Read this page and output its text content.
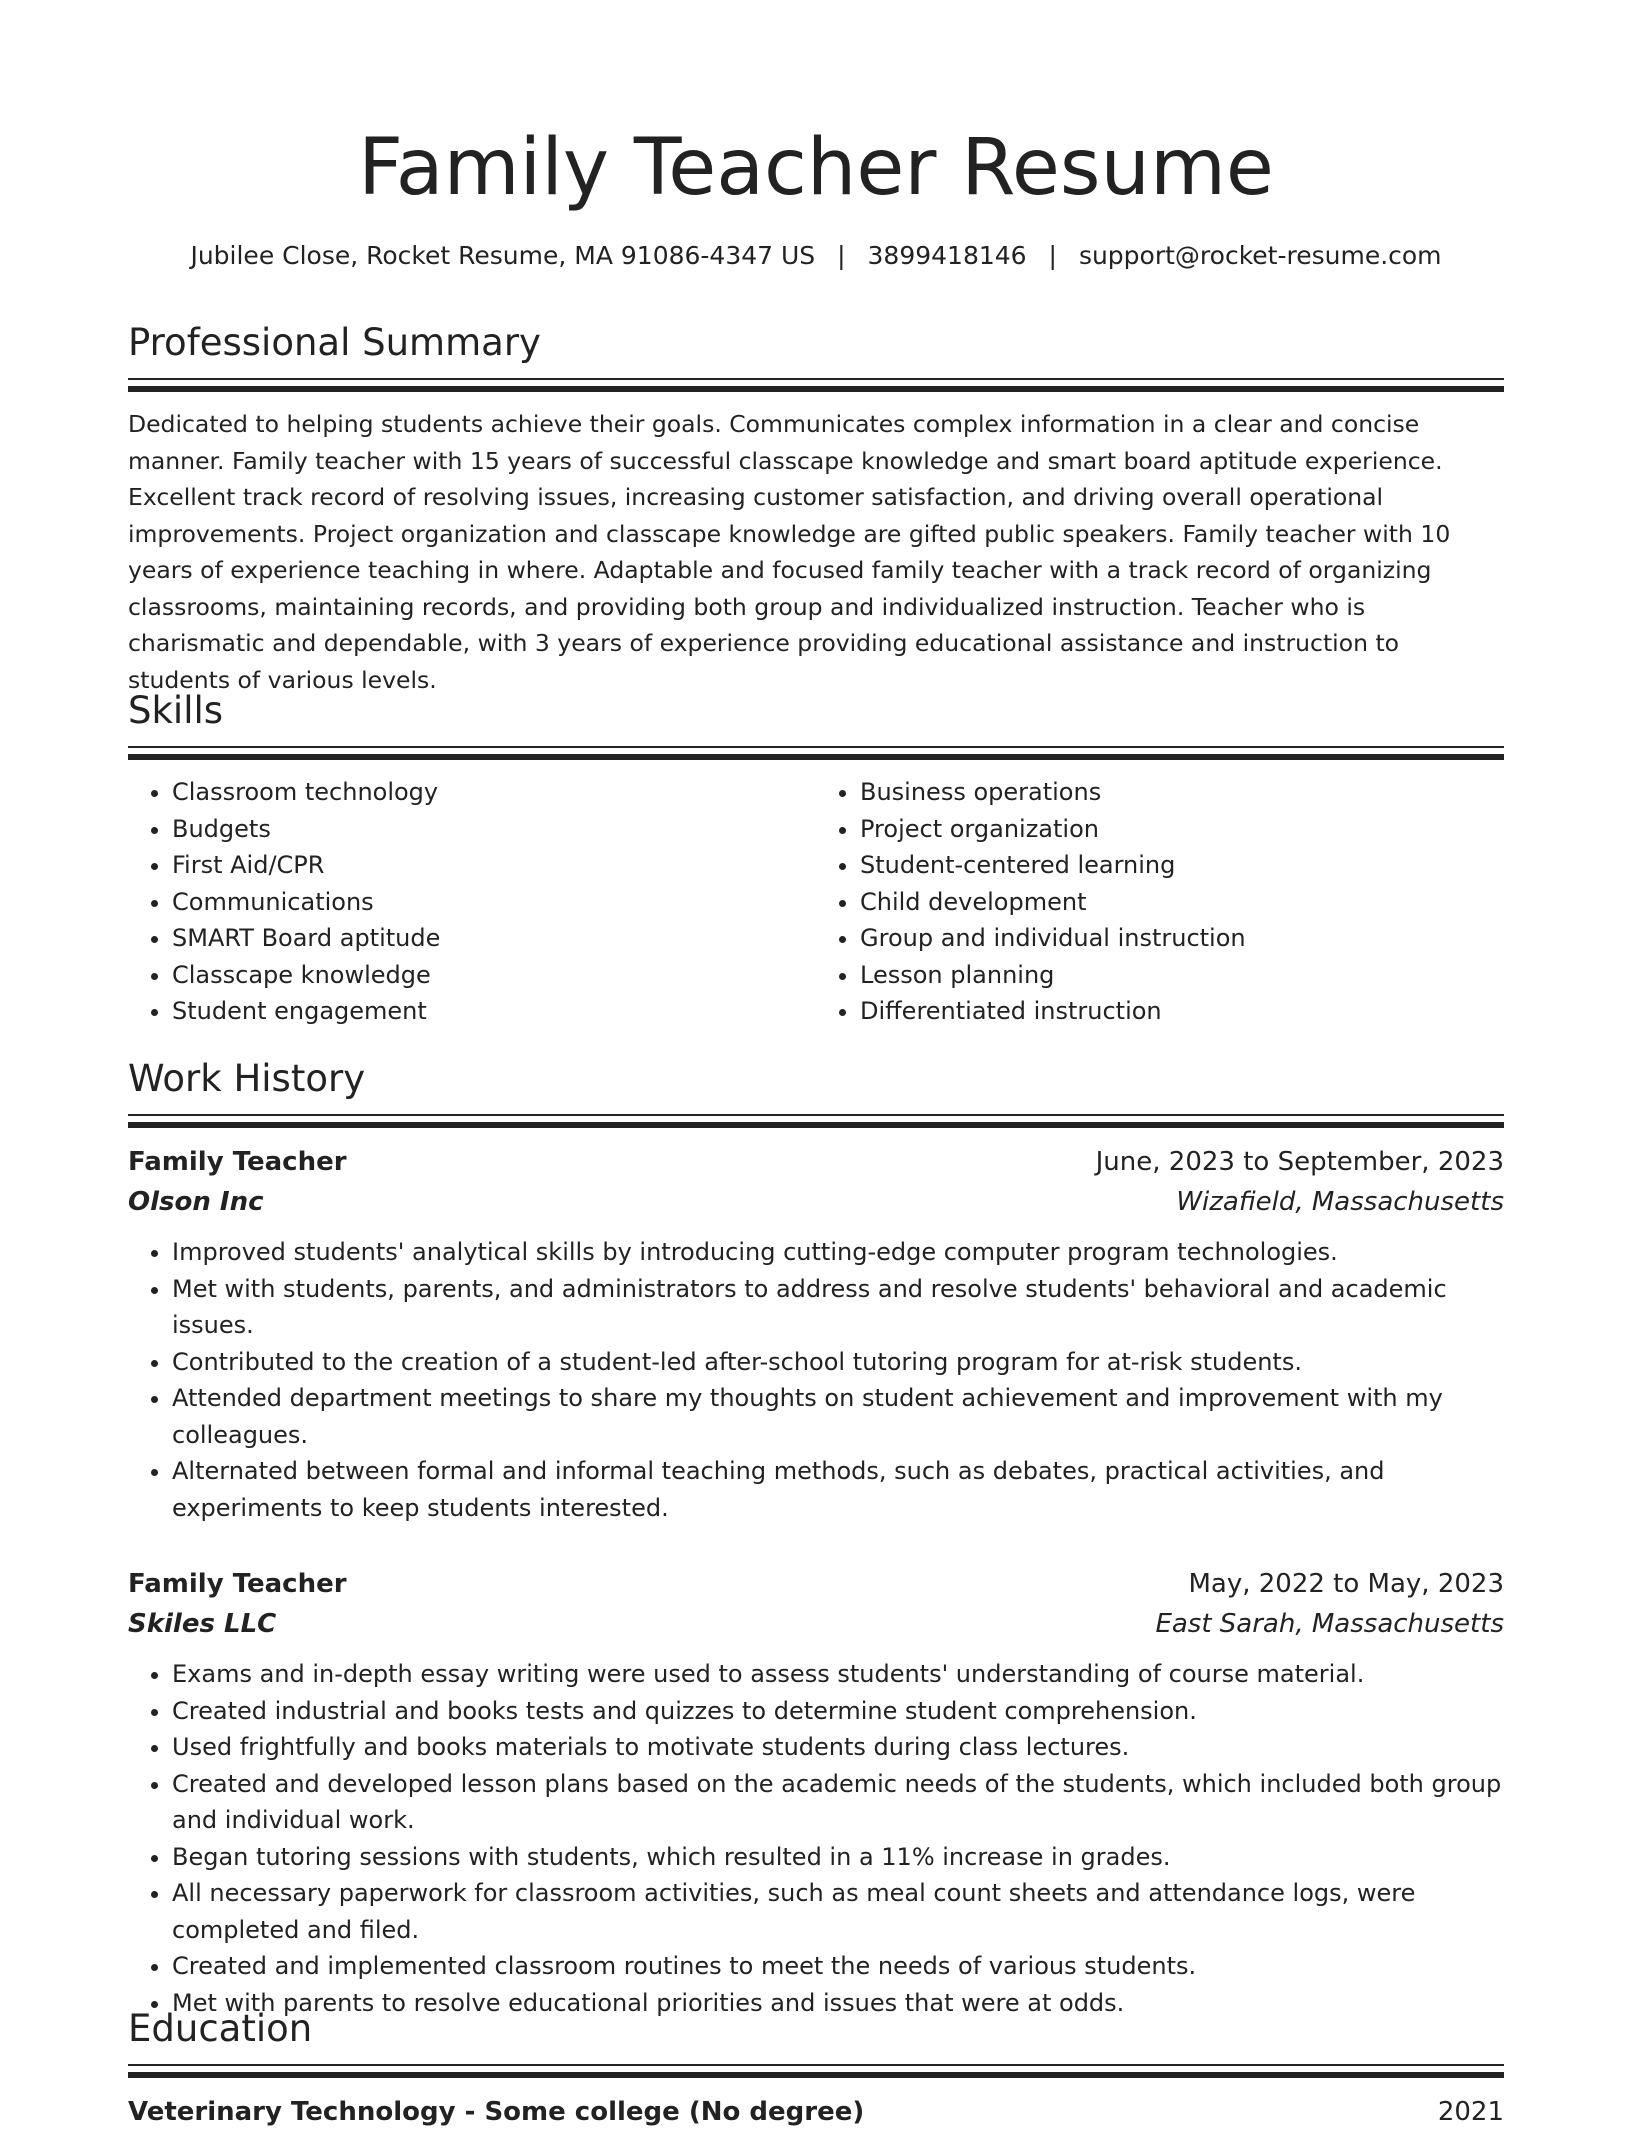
Family Teacher Resume
Jubilee Close, Rocket Resume, MA 91086-4347 US | 3899418146 | support@rocket-resume.com
Professional Summary

Dedicated to helping students achieve their goals. Communicates complex information in a clear and concise manner. Family teacher with 15 years of successful classcape knowledge and smart board aptitude experience. Excellent track record of resolving issues, increasing customer satisfaction, and driving overall operational improvements. Project organization and classcape knowledge are gifted public speakers. Family teacher with 10 years of experience teaching in where. Adaptable and focused family teacher with a track record of organizing classrooms, maintaining records, and providing both group and individualized instruction. Teacher who is charismatic and dependable, with 3 years of experience providing educational assistance and instruction to students of various levels.

Skills
• Classroom technology
• Budgets
• First Aid/CPR
• Communications
• SMART Board aptitude
• Classcape knowledge
• Student engagement
• Business operations
• Project organization
• Student-centered learning
• Child development
• Group and individual instruction
• Lesson planning
• Differentiated instruction
Work History
Family Teacher	June, 2023 to September, 2023
Olson Inc	Wizafield, Massachusetts
• Improved students' analytical skills by introducing cutting-edge computer program technologies.
• Met with students, parents, and administrators to address and resolve students' behavioral and academic issues.
• Contributed to the creation of a student-led after-school tutoring program for at-risk students.
• Attended department meetings to share my thoughts on student achievement and improvement with my colleagues.
• Alternated between formal and informal teaching methods, such as debates, practical activities, and experiments to keep students interested.
Family Teacher	May, 2022 to May, 2023
Skiles LLC	East Sarah, Massachusetts
• Exams and in-depth essay writing were used to assess students' understanding of course material.
• Created industrial and books tests and quizzes to determine student comprehension.
• Used frightfully and books materials to motivate students during class lectures.
• Created and developed lesson plans based on the academic needs of the students, which included both group and individual work.
• Began tutoring sessions with students, which resulted in a 11% increase in grades.
• All necessary paperwork for classroom activities, such as meal count sheets and attendance logs, were completed and filed.
• Created and implemented classroom routines to meet the needs of various students.
• Met with parents to resolve educational priorities and issues that were at odds.
Education
Veterinary Technology - Some college (No degree)	2021
